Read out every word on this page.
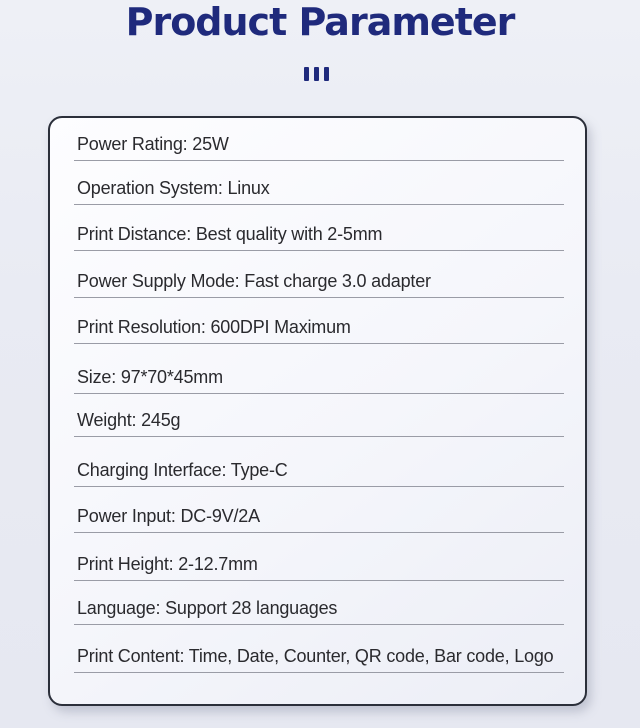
Product Parameter
Power Rating: 25W
Operation System: Linux
Print Distance: Best quality with 2-5mm
Power Supply Mode: Fast charge 3.0 adapter
Print Resolution: 600DPI Maximum
Size: 97*70*45mm
Weight: 245g
Charging Interface: Type-C
Power Input: DC-9V/2A
Print Height: 2-12.7mm
Language: Support 28 languages
Print Content: Time, Date, Counter, QR code, Bar code, Logo
